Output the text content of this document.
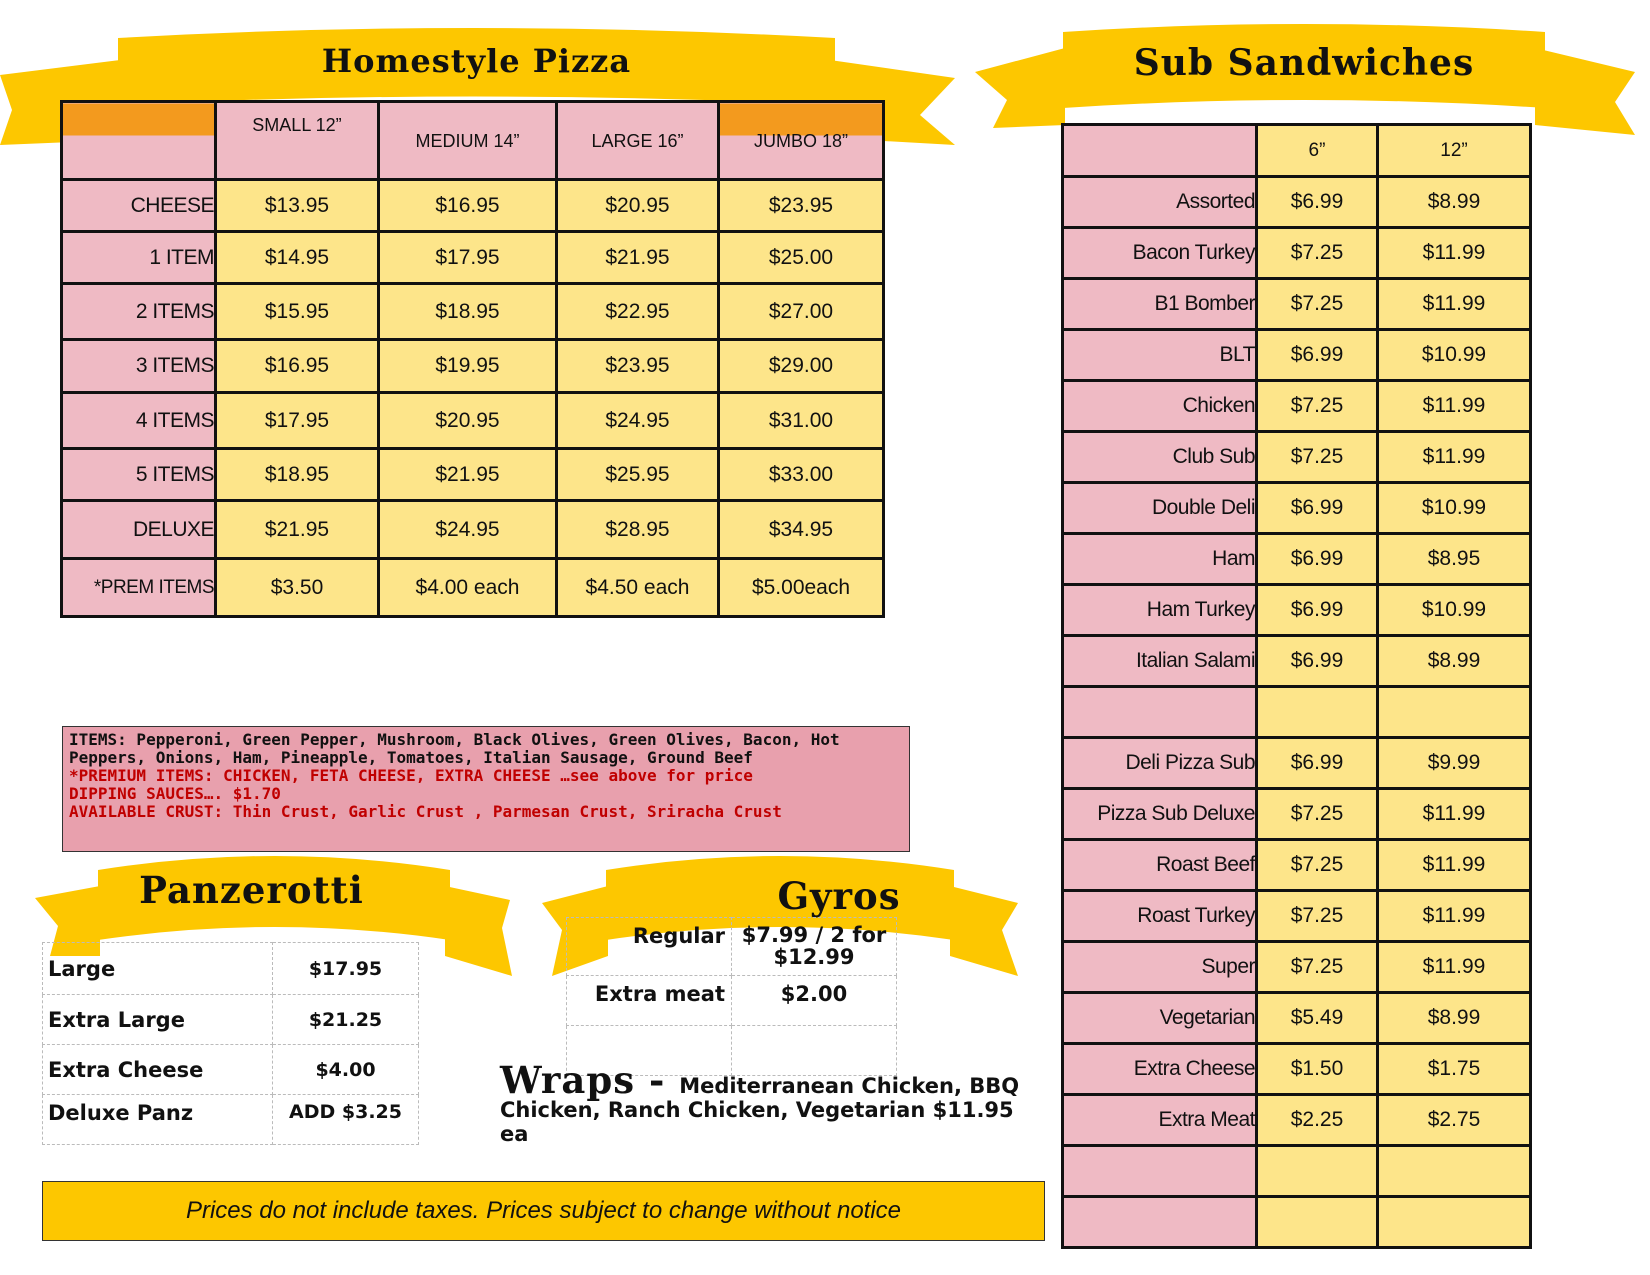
Homestyle Pizza
	SMALL 12”	MEDIUM 14”	LARGE 16”	JUMBO 18”
CHEESE	$13.95	$16.95	$20.95	$23.95
1 ITEM	$14.95	$17.95	$21.95	$25.00
2 ITEMS	$15.95	$18.95	$22.95	$27.00
3 ITEMS	$16.95	$19.95	$23.95	$29.00
4 ITEMS	$17.95	$20.95	$24.95	$31.00
5 ITEMS	$18.95	$21.95	$25.95	$33.00
DELUXE	$21.95	$24.95	$28.95	$34.95
*PREM ITEMS	$3.50	$4.00 each	$4.50 each	$5.00each
Sub Sandwiches
	6”	12”
Assorted	$6.99	$8.99
Bacon Turkey	$7.25	$11.99
B1 Bomber	$7.25	$11.99
BLT	$6.99	$10.99
Chicken	$7.25	$11.99
Club Sub	$7.25	$11.99
Double Deli	$6.99	$10.99
Ham	$6.99	$8.95
Ham Turkey	$6.99	$10.99
Italian Salami	$6.99	$8.99

Deli Pizza Sub	$6.99	$9.99
Pizza Sub Deluxe	$7.25	$11.99
Roast Beef	$7.25	$11.99
Roast Turkey	$7.25	$11.99
Super	$7.25	$11.99
Vegetarian	$5.49	$8.99
Extra Cheese	$1.50	$1.75
Extra Meat	$2.25	$2.75

ITEMS: Pepperoni, Green Pepper, Mushroom, Black Olives, Green Olives, Bacon, Hot Peppers, Onions, Ham, Pineapple, Tomatoes, Italian Sausage, Ground Beef
*PREMIUM ITEMS: CHICKEN, FETA CHEESE, EXTRA CHEESE …see above for price
DIPPING SAUCES…. $1.70
AVAILABLE CRUST: Thin Crust, Garlic Crust , Parmesan Crust, Sriracha Crust
Panzerotti
Large	$17.95
Extra Large	$21.25
Extra Cheese	$4.00
Deluxe Panz	ADD $3.25
Gyros
Regular	$7.99 / 2 for $12.99
Extra meat	$2.00

Wraps - Mediterranean Chicken, BBQ Chicken, Ranch Chicken, Vegetarian $11.95 ea
Prices do not include taxes. Prices subject to change without notice
